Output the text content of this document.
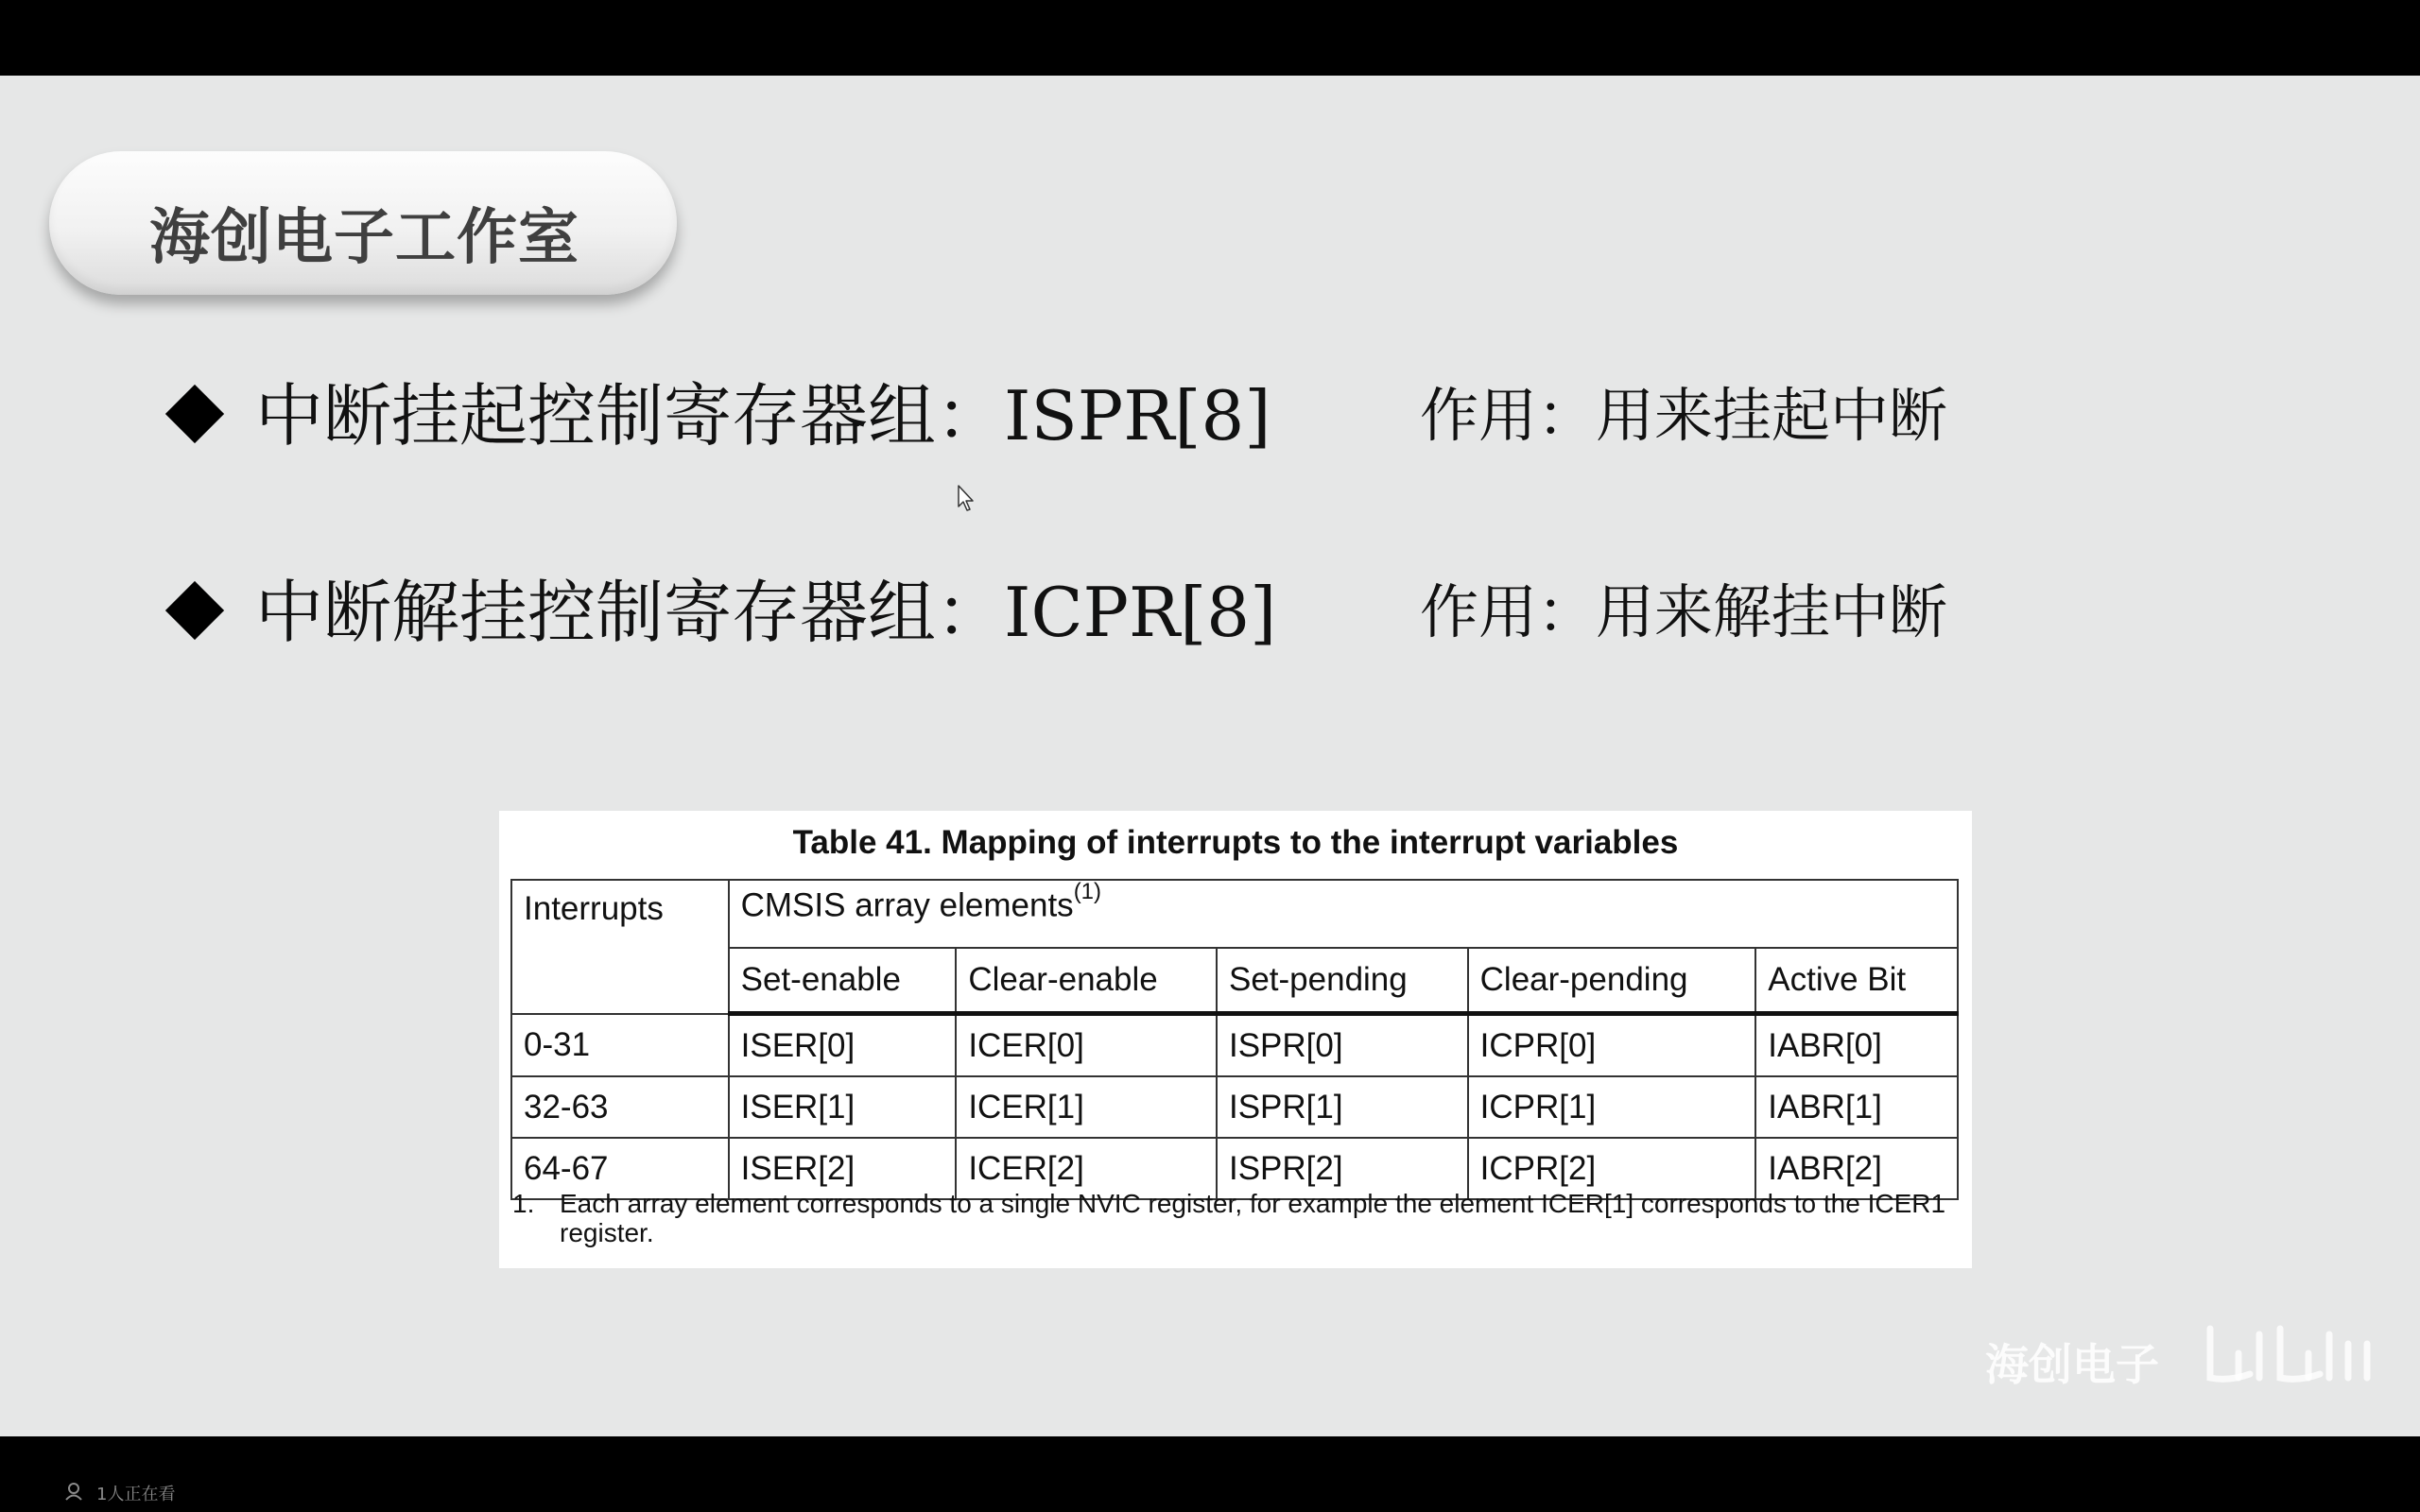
海创电子工作室
中断挂起控制寄存器组：ISPR[8]	作用：用来挂起中断
中断解挂控制寄存器组：ICPR[8] 作用：用来解挂中断
Table 41. Mapping of interrupts to the interrupt variables
Interrupts	CMSIS array elements$^{(1)}$
	Set-enable	Clear-enable	Set-pending	Clear-pending	Active Bit
0-31	ISER[0]	ICER[0]	ISPR[0]	ICPR[0]	IABR[0]
32-63	ISER[1]	ICER[1]	ISPR[1]	ICPR[1]	IABR[1]
64-67	ISER[2]	ICER[2]	ISPR[2]	ICPR[2]	IABR[2]
1. Each array element corresponds to a single NVIC register, for example the element ICER[1] corresponds to the ICER1 register.
海创电子
1人正在看
